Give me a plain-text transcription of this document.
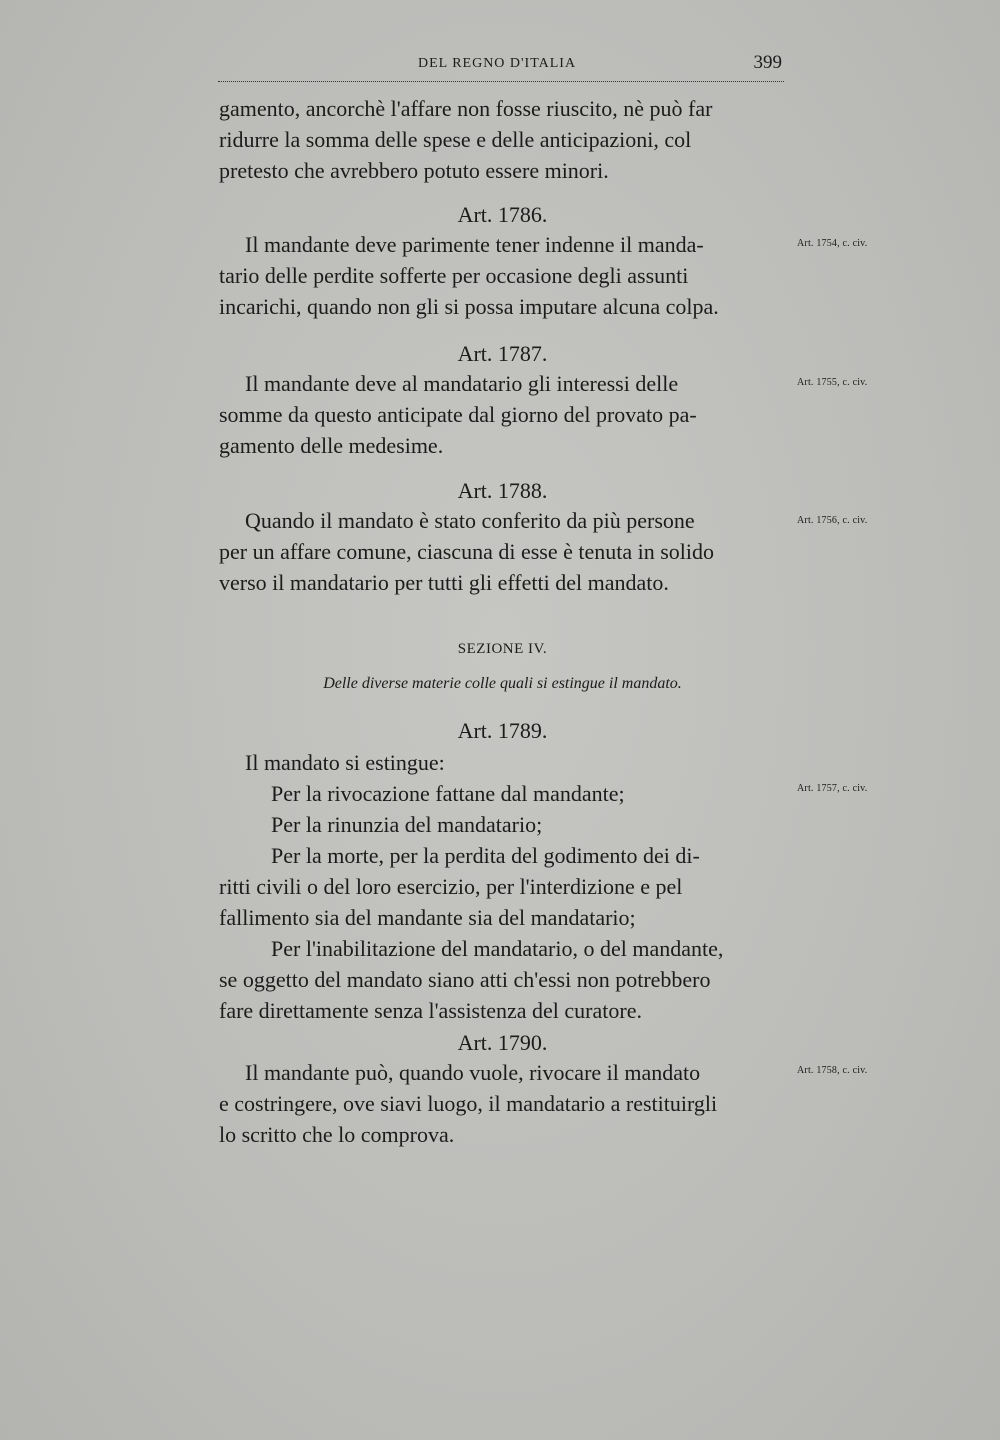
DEL REGNO D'ITALIA	399

gamento, ancorchè l'affare non fosse riuscito, nè può far

ridurre la somma delle spese e delle anticipazioni, col

pretesto che avrebbero potuto essere minori.

Art. 1786.
Art. 1754, c. civ.

Il mandante deve parimente tener indenne il manda-

tario delle perdite sofferte per occasione degli assunti

incarichi, quando non gli si possa imputare alcuna colpa.

Art. 1787.
Art. 1755, c. civ.

Il mandante deve al mandatario gli interessi delle

somme da questo anticipate dal giorno del provato pa-

gamento delle medesime.

Art. 1788.
Art. 1756, c. civ.

Quando il mandato è stato conferito da più persone

per un affare comune, ciascuna di esse è tenuta in solido

verso il mandatario per tutti gli effetti del mandato.

SEZIONE IV.
Delle diverse materie colle quali si estingue il mandato.
Art. 1789.
Art. 1757, c. civ.

Il mandato si estingue:

Per la rivocazione fattane dal mandante;

Per la rinunzia del mandatario;

Per la morte, per la perdita del godimento dei di-

ritti civili o del loro esercizio, per l'interdizione e pel

fallimento sia del mandante sia del mandatario;

Per l'inabilitazione del mandatario, o del mandante,

se oggetto del mandato siano atti ch'essi non potrebbero

fare direttamente senza l'assistenza del curatore.

Art. 1790.
Art. 1758, c. civ.

Il mandante può, quando vuole, rivocare il mandato

e costringere, ove siavi luogo, il mandatario a restituirgli

lo scritto che lo comprova.
